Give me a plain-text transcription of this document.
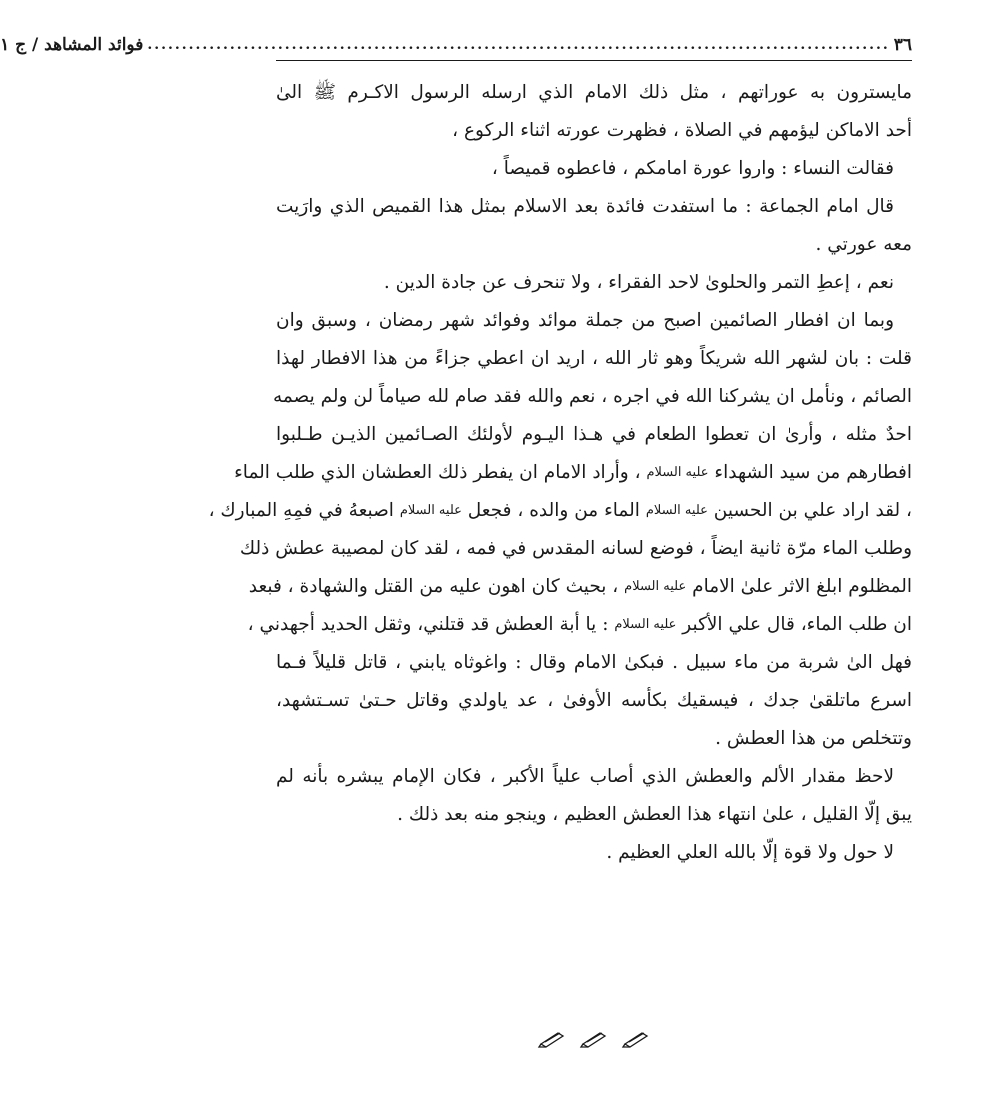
٣٦
............................................................................................................
فوائد المشاهد / ج ١
مايسترون به عوراتهم ، مثل ذلك الامام الذي ارسله الرسول الاكـرم ﷺ الىٰ
أحد الاماكن ليؤمهم في الصلاة ، فظهرت عورته اثناء الركوع ،
فقالت النساء : واروا عورة امامكم ، فاعطوه قميصاً ،
قال امام الجماعة : ما استفدت فائدة بعد الاسلام بمثل هذا القميص الذي وارَيت
معه عورتي .
نعم ، إعطِ التمر والحلوىٰ لاحد الفقراء ، ولا تنحرف عن جادة الدين .
وبما ان افطار الصائمين اصبح من جملة موائد وفوائد شهر رمضان ، وسبق وان
قلت : بان لشهر الله شريكاً وهو ثار الله ، اريد ان اعطي جزاءً من هذا الافطار لهذا
الصائم ، ونأمل ان يشركنا الله في اجره ، نعم والله فقد صام لله صياماً لن ولم يصمه
احدٌ مثله ، وأرىٰ ان تعطوا الطعام في هـذا اليـوم لأولئك الصـائمين الذيـن طـلبوا
افطارهم من سيد الشهداء عليه السلام ، وأراد الامام ان يفطر ذلك العطشان الذي طلب الماء
، لقد اراد علي بن الحسين عليه السلام الماء من والده ، فجعل عليه السلام اصبعهُ في فمِهِ المبارك ،
وطلب الماء مرّة ثانية ايضاً ، فوضع لسانه المقدس في فمه ، لقد كان لمصيبة عطش ذلك
المظلوم ابلغ الاثر علىٰ الامام عليه السلام ، بحيث كان اهون عليه من القتل والشهادة ، فبعد
ان طلب الماء، قال علي الأكبر عليه السلام : يا أبة العطش قد قتلني، وثقل الحديد أجهدني ،
فهل الىٰ شربة من ماء سبيل . فبكىٰ الامام وقال : واغوثاه يابني ، قاتل قليلاً فـما
اسرع ماتلقىٰ جدك ، فيسقيك بكأسه الأوفىٰ ، عد ياولدي وقاتل حـتىٰ تسـتشهد،
وتتخلص من هذا العطش .
لاحظ مقدار الألم والعطش الذي أصاب علياً الأكبر ، فكان الإمام يبشره بأنه لم
يبق إلّا القليل ، علىٰ انتهاء هذا العطش العظيم ، وينجو منه بعد ذلك .
لا حول ولا قوة إلّا بالله العلي العظيم .
